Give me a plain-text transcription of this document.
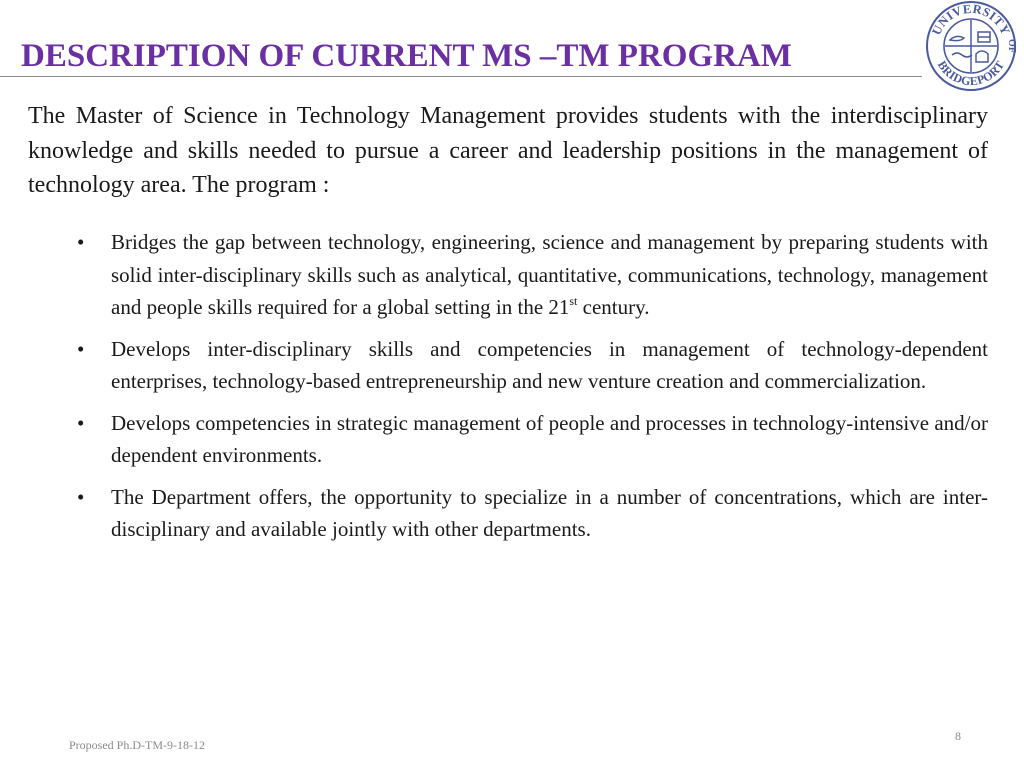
DESCRIPTION OF CURRENT MS –TM PROGRAM
UNIVERSITY
OF
BRIDGEPORT

The Master of Science in Technology Management provides students with the interdisciplinary knowledge and skills needed to pursue a career and leadership positions in the management of technology area. The program :

• Bridges the gap between technology, engineering, science and management by preparing students with solid inter-disciplinary skills such as analytical, quantitative, communications, technology, management and people skills required for a global setting in the 21st century.
• Develops inter-disciplinary skills and competencies in management of technology-dependent enterprises, technology-based entrepreneurship and new venture creation and commercialization.
• Develops competencies in strategic management of people and processes in technology-intensive and/or dependent environments.
• The Department offers, the opportunity to specialize in a number of concentrations, which are inter-disciplinary and available jointly with other departments.
8
Proposed Ph.D-TM-9-18-12
